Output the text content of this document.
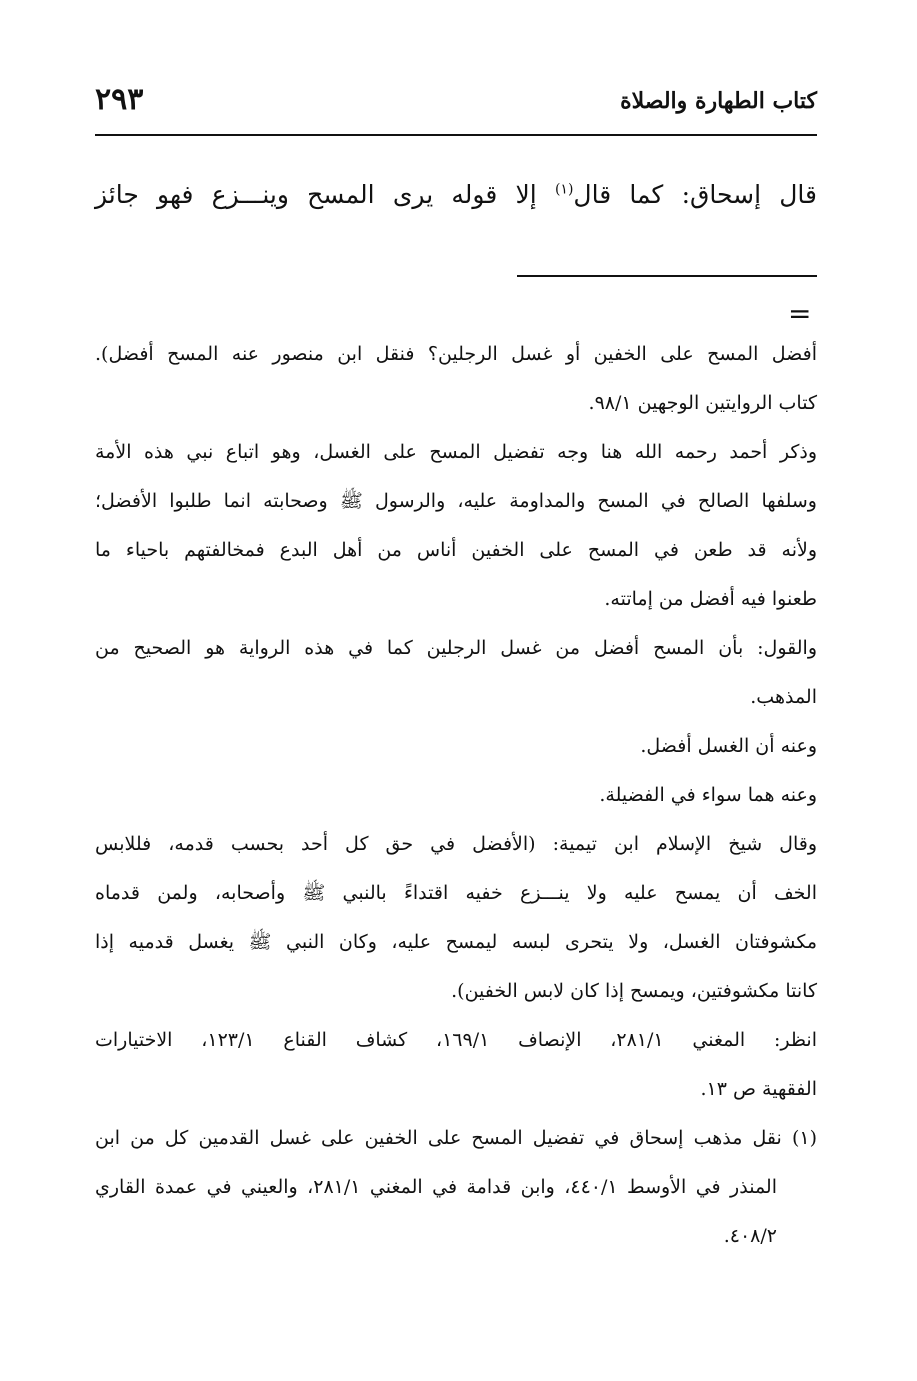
كتاب الطهارة والصلاة
٢٩٣
قال إسحاق: كما قال$^{(١)}$ إلا قوله يرى المسح وينـــزع فهو جائز
=
أفضل المسح على الخفين أو غسل الرجلين؟ فنقل ابن منصور عنه المسح أفضل).
كتاب الروايتين الوجهين ٩٨/١.
وذكر أحمد رحمه الله هنا وجه تفضيل المسح على الغسل، وهو اتباع نبي هذه الأمة
وسلفها الصالح في المسح والمداومة عليه، والرسول ﷺ وصحابته انما طلبوا الأفضل؛
ولأنه قد طعن في المسح على الخفين أناس من أهل البدع فمخالفتهم باحياء ما
طعنوا فيه أفضل من إماتته.
والقول: بأن المسح أفضل من غسل الرجلين كما في هذه الرواية هو الصحيح من
المذهب.
وعنه أن الغسل أفضل.
وعنه هما سواء في الفضيلة.
وقال شيخ الإسلام ابن تيمية: (الأفضل في حق كل أحد بحسب قدمه، فللابس
الخف أن يمسح عليه ولا ينـــزع خفيه اقتداءً بالنبي ﷺ وأصحابه، ولمن قدماه
مكشوفتان الغسل، ولا يتحرى لبسه ليمسح عليه، وكان النبي ﷺ يغسل قدميه إذا
كانتا مكشوفتين، ويمسح إذا كان لابس الخفين).
انظر: المغني ٢٨١/١، الإنصاف ١٦٩/١، كشاف القناع ١٢٣/١، الاختيارات
الفقهية ص ١٣.
(١) نقل مذهب إسحاق في تفضيل المسح على الخفين على غسل القدمين كل من ابن
المنذر في الأوسط ٤٤٠/١، وابن قدامة في المغني ٢٨١/١، والعيني في عمدة القاري
٤٠٨/٢.
